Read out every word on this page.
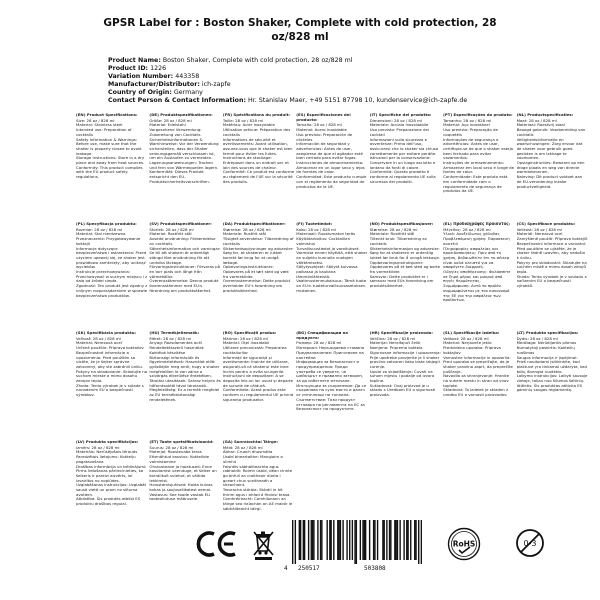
GPSR Label for : Boston Shaker, Complete with cold protection, 28 oz/828 ml
Product Name: Boston Shaker, Complete with cold protection, 28 oz/828 ml
Product ID: 1226
Variation Number: 443358
Manufacturer/Distributor: ich-zapfe
Country of Origin: Germany
Contact Person & Contact Information: Hr. Stanislav Maer, +49 5151 87798 10, kundenservice@ich-zapfe.de
(EN) Product Specifications:
Size: 28 oz / 828 ml
Material: Stainless steel
Intended use: Preparation of cocktails
Safety Information & Warnings: Before use, make sure that the shaker is properly closed to avoid leakage.
Storage Instructions: Store in a dry place and away from heat sources.
Conformity: This product complies with the EU product safety regulations.
(DE) Produktspezifikationen:
Größe: 28 oz / 828 ml
Material: Edelstahl
Vorgesehene Verwendung: Zubereitung von Cocktails
Sicherheitsinformationen & Warnhinweise: Vor der Verwendung sicherstellen, dass der Shaker ordnungsgemäß verschlossen ist, um ein Auslaufen zu vermeiden.
Lagerungsanweisungen: Trocken und fern von Wärmequellen lagern.
Konformität: Dieses Produkt entspricht den EU-Produktsicherheitsvorschriften.
(FR) Spécifications du produit:
Taille: 28 oz / 828 ml
Matériau: Acier inoxydable
Utilisation prévue: Préparation des cocktails
Informations de sécurité et avertissements: Avant utilisation, assurez-vous que le shaker est bien fermé pour éviter les fuites.
Instructions de stockage: Entreposer dans un endroit sec et loin des sources de chaleur.
Conformité: Ce produit est conforme au règlement de l'UE sur la sécurité des produits.
(ES) Especificaciones del producto:
Tamaño: 28 oz / 828 ml
Material: Acero inoxidable
Uso previsto: Preparación de cócteles
Información de seguridad y advertencias: Antes de usar, asegúrese de que el agitador esté bien cerrado para evitar fugas.
Instrucciones de almacenamiento: Almacenar en un lugar seco y lejos de fuentes de calor.
Conformidad: Este producto cumple con el reglamento de seguridad de productos de la UE.
(IT) Specifiche del prodotto:
Dimensioni: 28 oz / 828 ml
Materiale: Acciaio inossidabile
Uso previsto: Preparazione dei cocktail
Informazioni sulla sicurezza e avvertenze: Prima dell'uso, assicurarsi che lo shaker sia chiuso correttamente per evitare perdite.
Istruzioni per la conservazione: Conservare in un luogo asciutto e lontano da fonti di calore.
Conformità: Questo prodotto è conforme al regolamento UE sulla sicurezza dei prodotti.
(PT) Especificações do produto:
Tamanho: 28 oz / 828 ml
Material: Aço inoxidável
Uso previsto: Preparação de coquetéis
Informações de segurança e advertências: Antes de usar, certifique-se de que o shaker esteja bem fechado para evitar vazamentos.
Instruções de armazenamento: Armazenar em local seco e longe de fontes de calor.
Conformidade: Este produto está em conformidade com o regulamento de segurança de produtos da UE.
(NL) Productspecificaties:
Maat: 28 oz / 828 ml
Materiaal: Roestvrij staal
Beoogd gebruik: Voorbereiding van cocktails
Veiligheidsinformatie en waarschuwingen: Zorg ervoor dat de shaker voor gebruik goed gesloten is om lekkage te voorkomen.
Opslaginstructies: Bewaren op een droge plaats en weg van directe warmtebronnen.
Naleving: Dit product voldoet aan de EU-verordening inzake productveiligheid.
(PL) Specyfikacja produktu:
Rozmiar: 28 oz / 828 ml
Materiał: Stal nierdzewna
Przeznaczenie: Przygotowywanie koktajli
Informacje dotyczące bezpieczeństwa i ostrzeżenia: Przed użyciem upewnij się, że shaker jest prawidłowo zamknięty, aby uniknąć wycieków.
Instrukcje przechowywania: Przechowywać w suchym miejscu i z dala od źródeł ciepła.
Zgodność: Ten produkt jest zgodny z unijnym rozporządzeniem w sprawie bezpieczeństwa produktów.
(SV) Produktspecifikationer:
Storlek: 28 oz / 828 ml
Material: Rostfritt stål
Avsedd användning: Förberedelse av cocktails
Säkerhetsinformation och varningar: Se till att shakern är ordentligt stängd före användning för att undvika läckage.
Förvaringsinstruktioner: Förvaras på en torr plats och långt från värmekällor.
Överensstämmelse: Denna produkt överensstämmer med EU:s förordning om produktsäkerhet.
(DA) Produktspecifikationer:
Størrelse: 28 oz / 828 ml
Materiale: Rustfrit stål
Tilsigtet anvendelse: Tilberedning af cocktails
Sikkerhedsoplysninger og advarsler: Sørg for, at shakeren er lukket korrekt før brug for at undgå lækage.
Opbevaringsinstruktioner: Opbevares på et tørt sted og væk fra varmekilder.
Overensstemmelse: Dette produkt overholder EU's forordning om produktsikkerhed.
(FI) Tuotetiedot:
Koko: 28 oz / 828 ml
Materiaali: Ruostumaton teräs
Käyttötarkoitus: Cocktailien valmistus
Turvallisuustiedot ja varoitukset: Varmista ennen käyttöä, että shaker on suljettu kunnolla vuotojen välttämiseksi.
Säilytysohjeet: Säilytä kuivassa paikassa ja kaukana lämmönlähteistä.
Vaatimustenmukaisuus: Tämä tuote on EU:n tuoteturvallisuusasetuksen mukainen.
(NO) Produktspesifikasjoner:
Størrelse: 28 oz / 828 ml
Materiale: Rustfritt stål
Tiltenkt bruk: Tilberedning av cocktails
Sikkerhetsinformasjon og advarsler: Sørg for at shakeren er ordentlig lukket før bruk for å unngå lekkasje.
Oppbevaringsinstruksjoner: Oppbevares på et tørt sted og borte fra varmekilder.
Samsvar: Dette produktet er i samsvar med EUs forordning om produktsikkerhet.
(EL) Προδιαγραφές προϊόντος:
Μέγεθος: 28 oz / 828 ml
Υλικό: Ανοξείδωτος χάλυβας
Προβλεπόμενη χρήση: Παρασκευή κοκτέιλ
Πληροφορίες ασφαλείας και προειδοποιήσεις: Πριν από τη χρήση, βεβαιωθείτε ότι το σέικερ είναι καλά κλειστό για να αποφύγετε διαρροές.
Οδηγίες αποθήκευσης: Φυλάσσετε σε ξηρό μέρος και μακριά από πηγές θερμότητας.
Συμμόρφωση: Αυτό το προϊόν συμμορφώνεται με τον κανονισμό της ΕΕ για την ασφάλεια των προϊόντων.
(CS) Specifikace produktu:
Velikost: 28 oz / 828 ml
Materiál: Nerezová ocel
Zamýšlené použití: Příprava koktejlů
Bezpečnostní informace a varování: Před použitím se ujistěte, že je shaker řádně uzavřen, aby nedošlo k úniku.
Pokyny pro skladování: Skladujte na suchém místě a mimo dosah zdrojů tepla.
Shoda: Tento výrobek je v souladu s nařízením EU o bezpečnosti výrobků.
(SK) Špecifikácia produktu:
Veľkosť: 28 oz / 828 ml
Materiál: Nerezová oceľ
Určené použitie: Príprava koktailov
Bezpečnostné informácie a upozornenia: Pred použitím sa uistite, že je šejker správne zatvorený, aby ste zabránili úniku.
Pokyny na skladovanie: Skladujte na suchom mieste a mimo dosahu zdrojov tepla.
Zhoda: Tento výrobok je v súlade s nariadením EÚ o bezpečnosti výrobkov.
(HU) Termékjellemzők:
Méret: 28 oz / 828 ml
Anyag: Rozsdamentes acél
Rendeltetésszerű használat: Koktélok készítése
Biztonsági információk és figyelmeztetések: Használat előtt győződjön meg arról, hogy a shaker megfelelően le van zárva a szivárgás elkerülése érdekében.
Tárolási utasítások: Száraz helyen és hőforrásoktól távol tárolandó.
Megfelelőség: Ez a termék megfelel az EU termékbiztonsági rendeletének.
(RO) Specificații produs:
Mărime: 28 oz / 828 ml
Material: Oțel inoxidabil
Utilizare preconizată: Prepararea cocktailurilor
Informații de siguranță și avertismente: Înainte de utilizare, asigurați-vă că shakerul este bine închis pentru a evita scurgerile.
Instrucțiuni de depozitare: A se depozita într-un loc uscat și departe de sursele de căldură.
Conformitate: Acest produs este conform cu regulamentul UE privind siguranța produselor.
(BG) Спецификации на продукта:
Размер: 28 oz / 828 ml
Материал: Неръждаема стомана
Предназначение: Приготвяне на коктейли
Информация за безопасност и предупреждения: Преди употреба се уверете, че шейкърът е правилно затворен, за да избегнете изтичане.
Инструкции за съхранение: Да се съхранява на сухо място и далеч от източници на топлина.
Съответствие: Този продукт отговаря на регламента на ЕС за безопасност на продуктите.
(HR) Specifikacije proizvoda:
Veličina: 28 oz / 828 ml
Materijal: Nehrđajući čelik
Namjena: Priprema koktela
Sigurnosne informacije i upozorenja: Prije upotrebe provjerite je li shaker pravilno zatvoren kako biste izbjegli curenje.
Upute za skladištenje: Čuvati na suhom mjestu i podalje od izvora topline.
Sukladnost: Ovaj proizvod je u skladu s Uredbom EU o sigurnosti proizvoda.
(SL) Specifikacije izdelka:
Velikost: 28 oz / 828 ml
Material: Nerjaveče jeklo
Predvidena uporaba: Priprava koktajlov
Varnostne informacije in opozorila: Pred uporabo se prepričajte, da je shaker pravilno zaprt, da preprečite puščanje.
Navodila za shranjevanje: Hranite na suhem mestu in stran od virov toplote.
Skladnost: Ta izdelek je skladen z uredbo EU o varnosti proizvodov.
(LT) Produkto specifikacijos:
Dydis: 28 oz / 828 ml
Medžiaga: Nerūdijantis plienas
Numatytoji paskirtis: Kokteilių ruošimas
Saugos informacija ir įspėjimai: Prieš naudodami įsitikinkite, kad plaktuvė yra tinkamai uždaryta, kad būtų išvengta nuotėkio.
Laikymo instrukcijos: Laikyti sausoje vietoje, toliau nuo šilumos šaltinių.
Atitiktis: Šis produktas atitinka ES gaminių saugos reglamentą.
(LV) Produkta specifikācijas:
Izmērs: 28 oz / 828 ml
Materiāls: Nerūsējošais tērauds
Paredzētais lietojums: Kokteiļu pagatavošana
Drošības informācija un brīdinājumi: Pirms lietošanas pārliecinieties, ka šeikeris ir pareizi aizvērts, lai izvairītos no noplūdes.
Uzglabāšanas instrukcijas: Uzglabāt sausā vietā un prom no siltuma avotiem.
Atbilstība: Šis produkts atbilst ES produktu drošības regulai.
(ET) Toote spetsifikatsioonid:
Suurus: 28 oz / 828 ml
Materjal: Roostevaba teras
Ettenähtud kasutus: Kokteilide valmistamine
Ohutusteave ja hoiatused: Enne kasutamist veenduge, et šeiker on korralikult suletud, et vältida lekkimist.
Hoiustamisjuhised: Hoida kuivas kohas ja soojusallikatest eemal.
Vastavus: See toode vastab ELi tooteohutuse määrusele.
(GA) Sonraíochtaí Táirge:
Méid: 28 oz / 828 ml
Ábhar: Cruach dhosmálta
Úsáid bheartaithe: Manglaim a ullmhú
Faisnéis sábháilteachta agus rabhaidh: Roimh úsáid, déan cinnte go bhfuil an croitheoir dúnta i gceart chun sceitheadh a sheachaint.
Treoracha stórála: Stóráil in áit thirim agus i bhfad ó fhoinsí teasa.
Comhréireacht: Comhlíonann an táirge seo rialachán an AE maidir le sábháilteacht táirgí.
4 250517	503808
RoHS	0-3
